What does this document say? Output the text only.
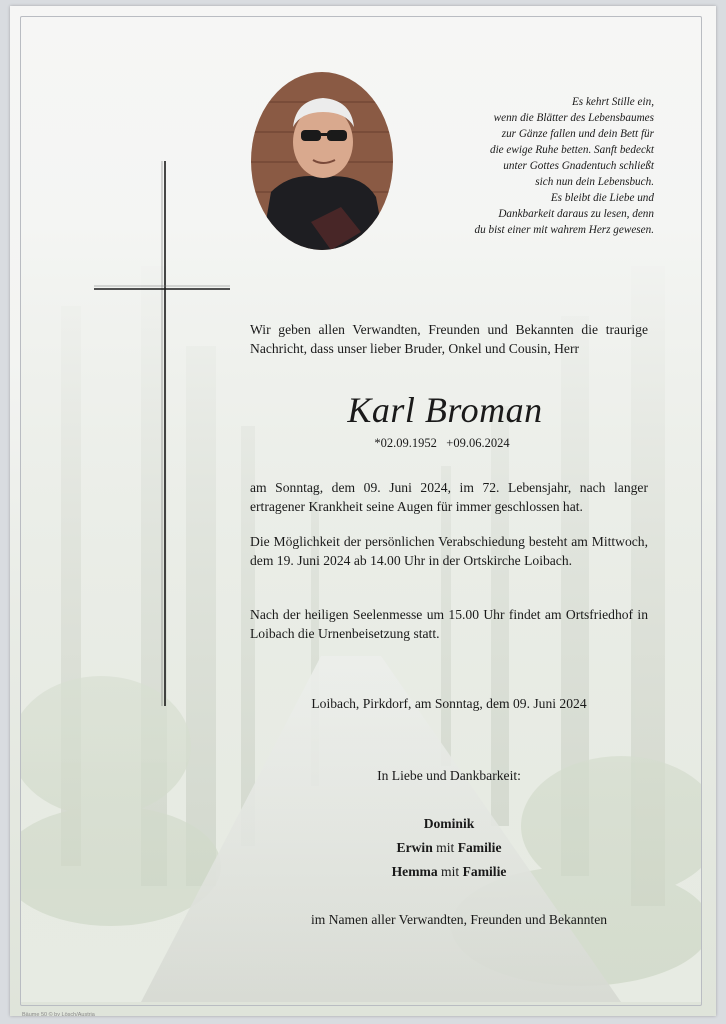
Es kehrt Stille ein,
wenn die Blätter des Lebensbaumes
zur Gänze fallen und dein Bett für
die ewige Ruhe betten. Sanft bedeckt
unter Gottes Gnadentuch schließt
sich nun dein Lebensbuch.
Es bleibt die Liebe und
Dankbarkeit daraus zu lesen, denn
du bist einer mit wahrem Herz gewesen.
Wir geben allen Verwandten, Freunden und Bekannten die traurige Nachricht, dass unser lieber Bruder, Onkel und Cousin, Herr
Karl Broman
*02.09.1952   +09.06.2024
am Sonntag, dem 09. Juni 2024, im 72. Lebensjahr, nach langer ertragener Krankheit seine Augen für immer geschlossen hat.
Die Möglichkeit der persönlichen Verabschiedung besteht am Mittwoch, dem 19. Juni 2024 ab 14.00 Uhr in der Ortskirche Loibach.
Nach der heiligen Seelenmesse um 15.00 Uhr findet am Ortsfriedhof in Loibach die Urnenbeisetzung statt.
Loibach, Pirkdorf, am Sonntag, dem 09. Juni 2024
In Liebe und Dankbarkeit:
Dominik
Erwin mit Familie
Hemma mit Familie
im Namen aller Verwandten, Freunden und Bekannten
Bäume 50 © by Lösch/Austria
